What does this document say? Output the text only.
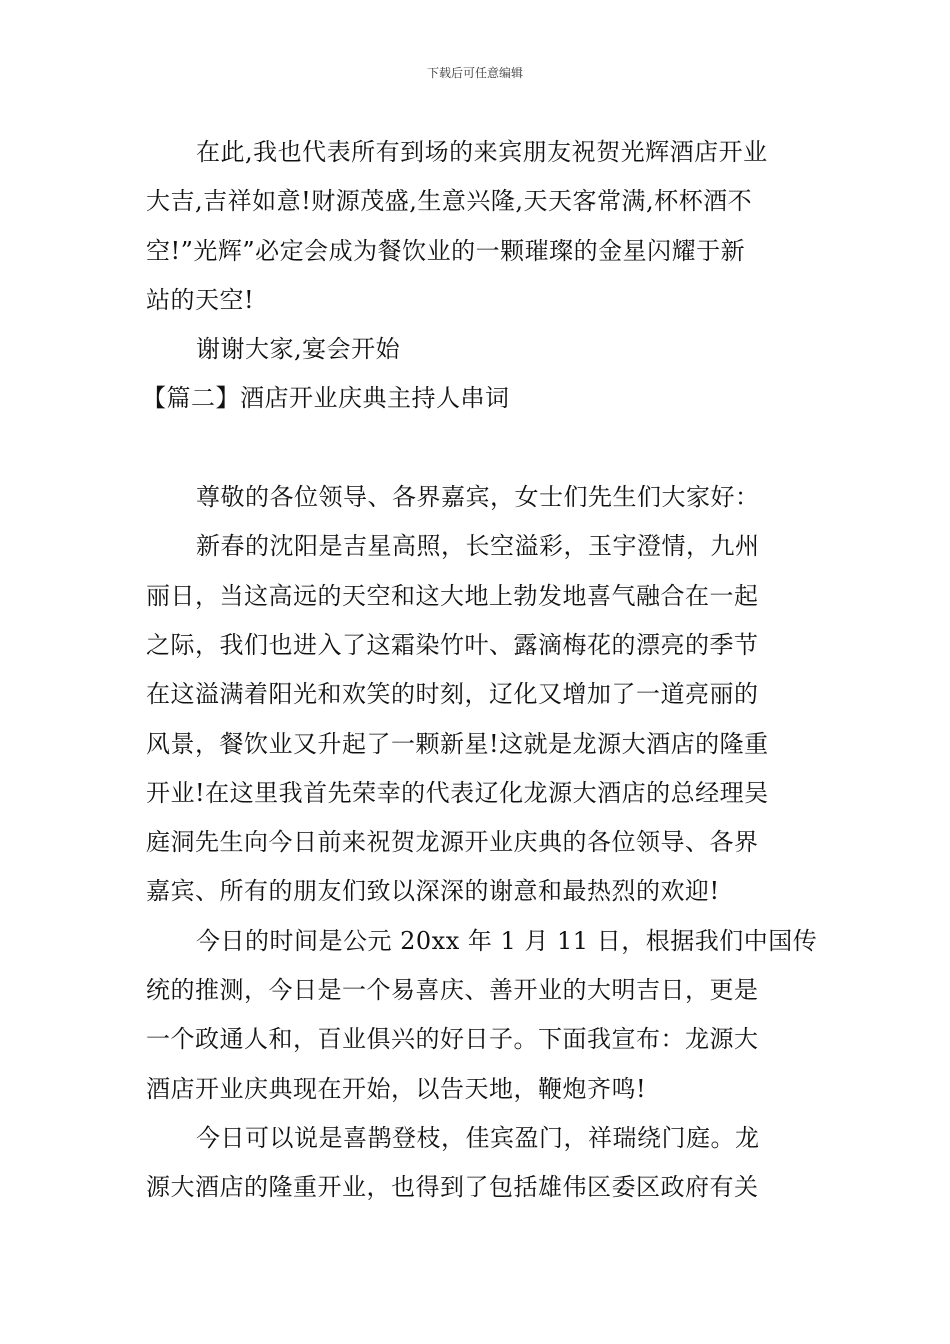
下载后可任意编辑
在此,我也代表所有到场的来宾朋友祝贺光辉酒店开业
大吉,吉祥如意!财源茂盛,生意兴隆,天天客常满,杯杯酒不
空!”光辉”必定会成为餐饮业的一颗璀璨的金星闪耀于新
站的天空!
谢谢大家,宴会开始
【篇二】酒店开业庆典主持人串词
尊敬的各位领导、各界嘉宾，女士们先生们大家好：
新春的沈阳是吉星高照，长空溢彩，玉宇澄情，九州
丽日，当这高远的天空和这大地上勃发地喜气融合在一起
之际，我们也进入了这霜染竹叶、露滴梅花的漂亮的季节
在这溢满着阳光和欢笑的时刻，辽化又增加了一道亮丽的
风景，餐饮业又升起了一颗新星!这就是龙源大酒店的隆重
开业!在这里我首先荣幸的代表辽化龙源大酒店的总经理吴
庭洞先生向今日前来祝贺龙源开业庆典的各位领导、各界
嘉宾、所有的朋友们致以深深的谢意和最热烈的欢迎!
今日的时间是公元 20xx 年 1 月 11 日，根据我们中国传
统的推测，今日是一个易喜庆、善开业的大明吉日，更是
一个政通人和，百业俱兴的好日子。下面我宣布：龙源大
酒店开业庆典现在开始，以告天地，鞭炮齐鸣!
今日可以说是喜鹊登枝，佳宾盈门，祥瑞绕门庭。龙
源大酒店的隆重开业，也得到了包括雄伟区委区政府有关
